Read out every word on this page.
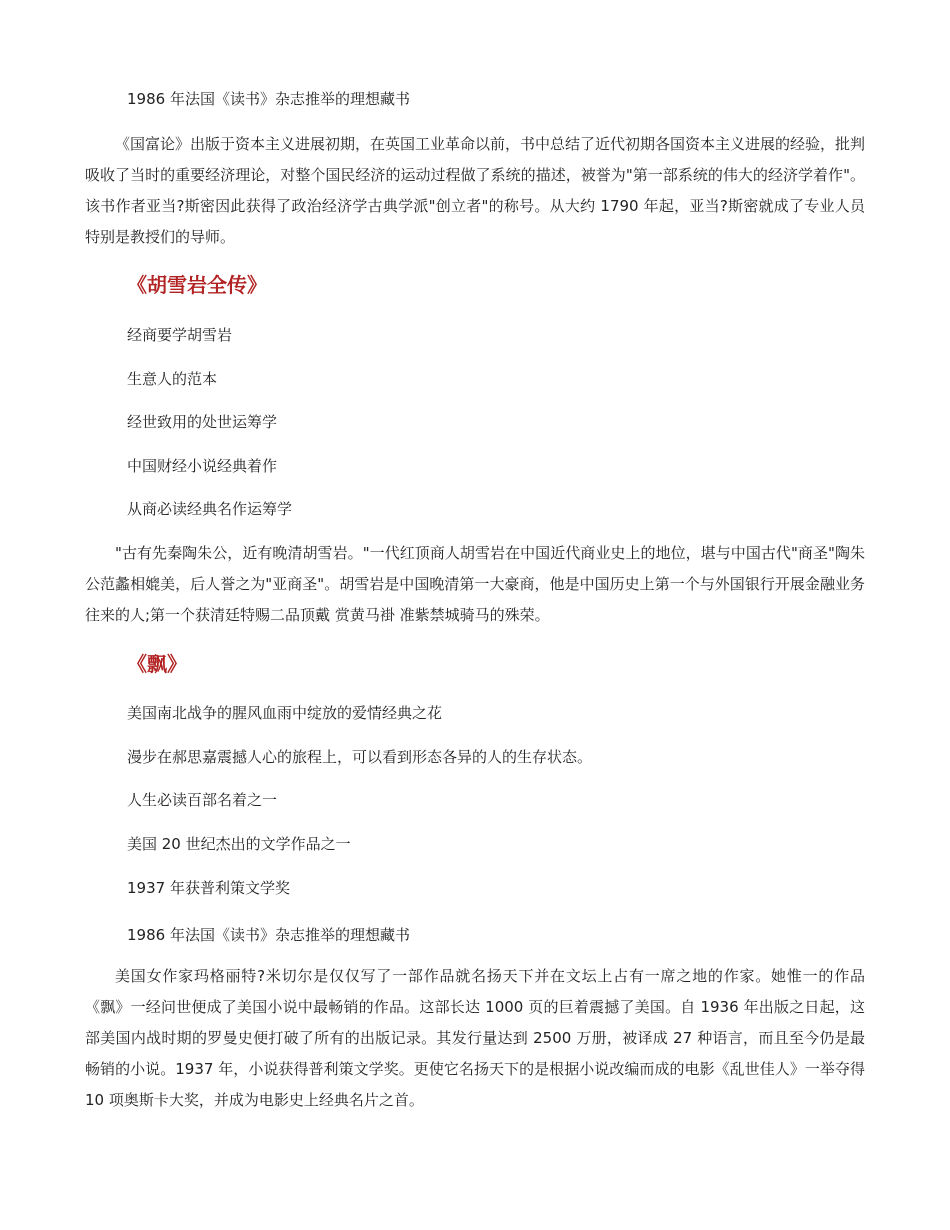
1986 年法国《读书》杂志推举的理想藏书

《国富论》出版于资本主义进展初期，在英国工业革命以前，书中总结了近代初期各国资本主义进展的经验，批判吸收了当时的重要经济理论，对整个国民经济的运动过程做了系统的描述，被誉为"第一部系统的伟大的经济学着作"。该书作者亚当?斯密因此获得了政治经济学古典学派"创立者"的称号。从大约 1790 年起，亚当?斯密就成了专业人员特别是教授们的导师。

《胡雪岩全传》

经商要学胡雪岩

生意人的范本

经世致用的处世运筹学

中国财经小说经典着作

从商必读经典名作运筹学

"古有先秦陶朱公，近有晚清胡雪岩。"一代红顶商人胡雪岩在中国近代商业史上的地位，堪与中国古代"商圣"陶朱公范蠡相媲美，后人誉之为"亚商圣"。胡雪岩是中国晚清第一大豪商，他是中国历史上第一个与外国银行开展金融业务往来的人;第一个获清廷特赐二品顶戴 赏黄马褂 准紫禁城骑马的殊荣。

《飘》

美国南北战争的腥风血雨中绽放的爱情经典之花

漫步在郝思嘉震撼人心的旅程上，可以看到形态各异的人的生存状态。

人生必读百部名着之一

美国 20 世纪杰出的文学作品之一

1937 年获普利策文学奖

1986 年法国《读书》杂志推举的理想藏书

美国女作家玛格丽特?米切尔是仅仅写了一部作品就名扬天下并在文坛上占有一席之地的作家。她惟一的作品《飘》一经问世便成了美国小说中最畅销的作品。这部长达 1000 页的巨着震撼了美国。自 1936 年出版之日起，这部美国内战时期的罗曼史便打破了所有的出版记录。其发行量达到 2500 万册，被译成 27 种语言，而且至今仍是最畅销的小说。1937 年，小说获得普利策文学奖。更使它名扬天下的是根据小说改编而成的电影《乱世佳人》一举夺得 10 项奥斯卡大奖，并成为电影史上经典名片之首。
